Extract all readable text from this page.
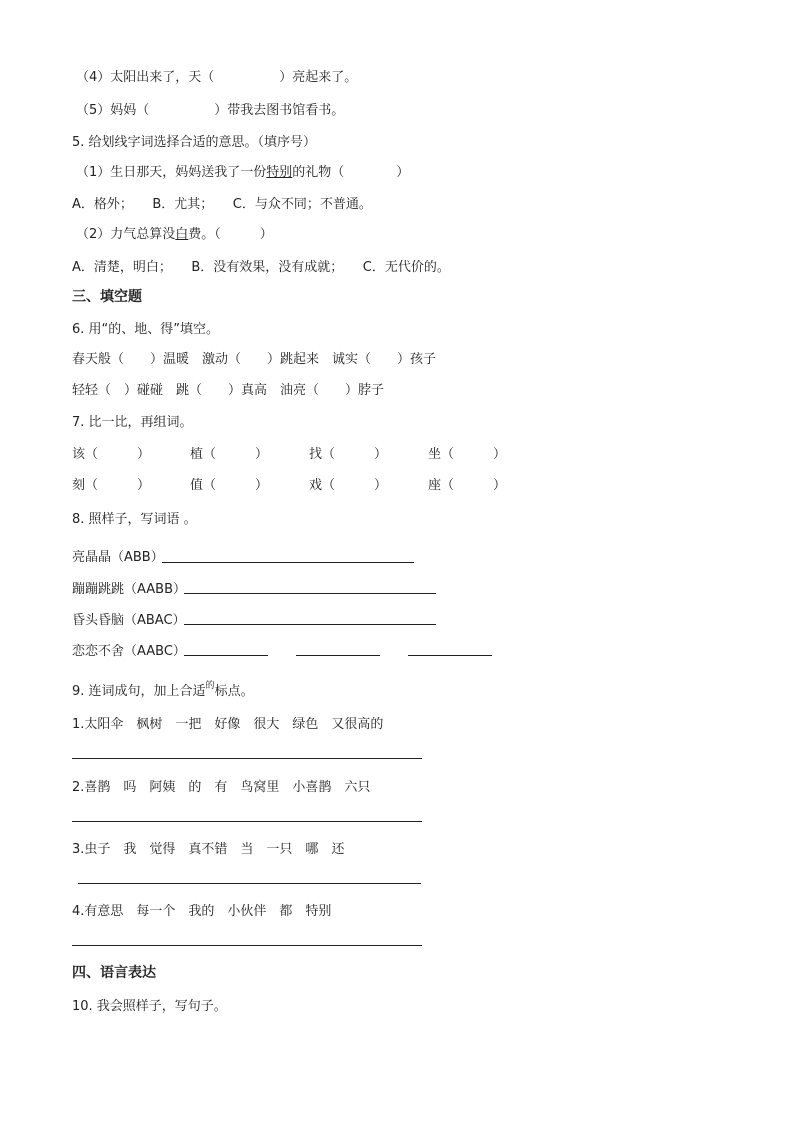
（4）太阳出来了，天（　　　　　）亮起来了。
（5）妈妈（　　　　　）带我去图书馆看书。
5. 给划线字词选择合适的意思。（填序号）
（1）生日那天，妈妈送我了一份特别的礼物（　　　　）
A．格外；　　B．尤其；　　C．与众不同；不普通。
（2）力气总算没白费。（　　　）
A．清楚，明白；　　B．没有效果，没有成就；　　C．无代价的。
三、填空题
6. 用“的、地、得”填空。
春天般（　　）温暖　激动（　　）跳起来　诚实（　　）孩子
轻轻（　）碰碰　跳（　　）真高　油亮（　　）脖子
7. 比一比，再组词。
该（　　　）	植（　　　）	找（　　　）	坐（　　　）
刻（　　　）	值（　　　）	戏（　　　）	座（　　　）
8. 照样子，写词语 。
亮晶晶（ABB）
蹦蹦跳跳（AABB）
昏头昏脑（ABAC）
恋恋不舍（AABC）
9. 连词成句，加上合适$^的$标点。
1.太阳伞　枫树　一把　好像　很大　绿色　又很高的
2.喜鹊　吗　阿姨　的　有　鸟窝里　小喜鹊　六只
3.虫子　我　觉得　真不错　当　一只　哪　还
4.有意思　每一个　我的　小伙伴　都　特别
四、语言表达
10. 我会照样子，写句子。
